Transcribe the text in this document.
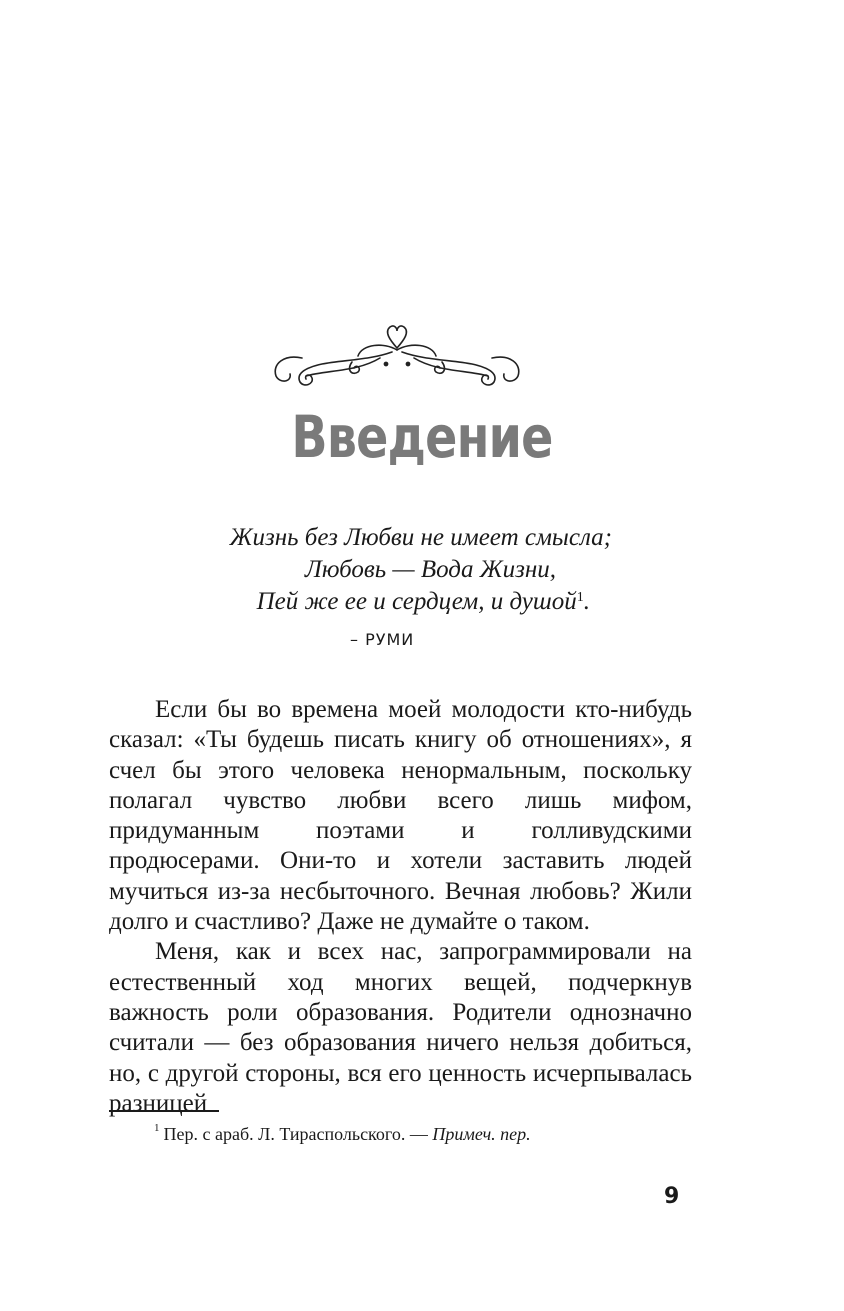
Введение
Жизнь без Любви не имеет смысла;
Любовь — Вода Жизни,
Пей же ее и сердцем, и душой$^1$.
– РУМИ

Если бы во времена моей молодости кто-нибудь сказал: «Ты будешь писать книгу об отношениях», я счел бы этого человека ненормальным, поскольку полагал чувство любви всего лишь мифом, придуманным поэтами и голливудскими продюсерами. Они-то и хотели заставить людей мучиться из-за несбыточного. Вечная любовь? Жили долго и счастливо? Даже не думайте о таком.

Меня, как и всех нас, запрограммировали на естественный ход многих вещей, подчеркнув важность роли образования. Родители однозначно считали — без образования ничего нельзя добиться, но, с другой стороны, вся его ценность исчерпывалась разницей

$^1$ Пер. с араб. Л. Тираспольского. — Примеч. пер.
9
